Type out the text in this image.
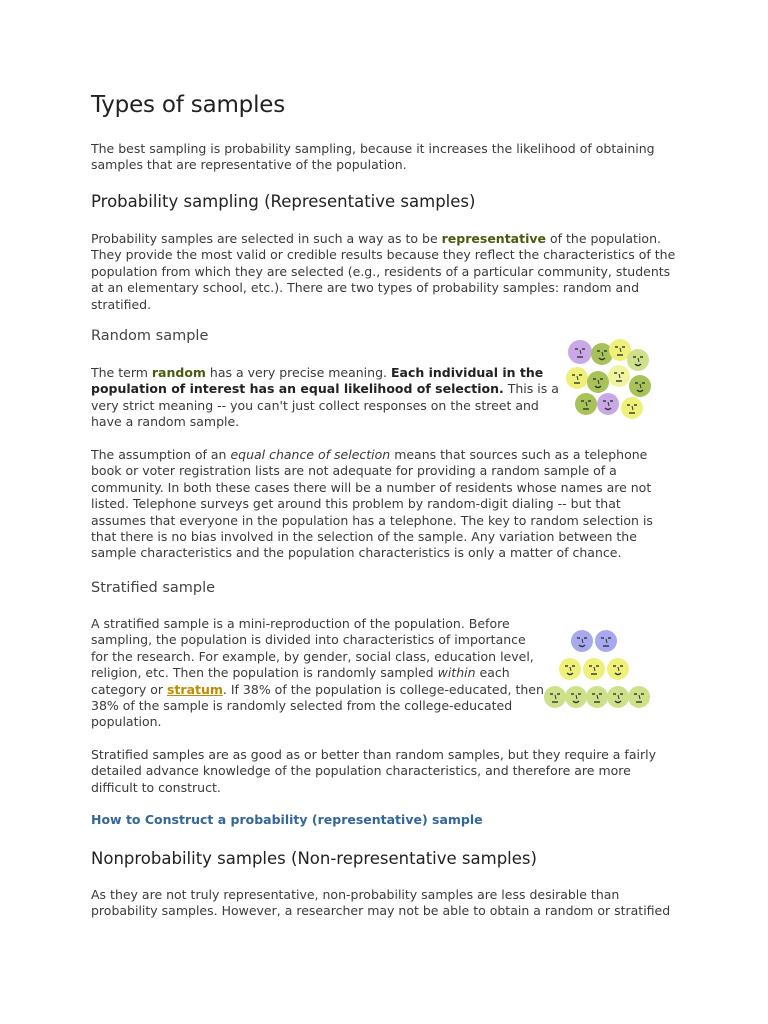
Types of samples

The best sampling is probability sampling, because it increases the likelihood of obtaining samples that are representative of the population.

Probability sampling (Representative samples)

Probability samples are selected in such a way as to be representative of the population. They provide the most valid or credible results because they reflect the characteristics of the population from which they are selected (e.g., residents of a particular community, students at an elementary school, etc.). There are two types of probability samples: random and stratified.

Random sample

The term random has a very precise meaning. Each individual in the population of interest has an equal likelihood of selection. This is a very strict meaning -- you can't just collect responses on the street and have a random sample.

The assumption of an equal chance of selection means that sources such as a telephone book or voter registration lists are not adequate for providing a random sample of a community. In both these cases there will be a number of residents whose names are not listed. Telephone surveys get around this problem by random-digit dialing -- but that assumes that everyone in the population has a telephone. The key to random selection is that there is no bias involved in the selection of the sample. Any variation between the sample characteristics and the population characteristics is only a matter of chance.

Stratified sample

A stratified sample is a mini-reproduction of the population. Before sampling, the population is divided into characteristics of importance for the research. For example, by gender, social class, education level, religion, etc. Then the population is randomly sampled within each category or stratum. If 38% of the population is college-educated, then 38% of the sample is randomly selected from the college-educated population.

Stratified samples are as good as or better than random samples, but they require a fairly detailed advance knowledge of the population characteristics, and therefore are more difficult to construct.

How to Construct a probability (representative) sample
Nonprobability samples (Non-representative samples)

As they are not truly representative, non-probability samples are less desirable than probability samples. However, a researcher may not be able to obtain a random or stratified
